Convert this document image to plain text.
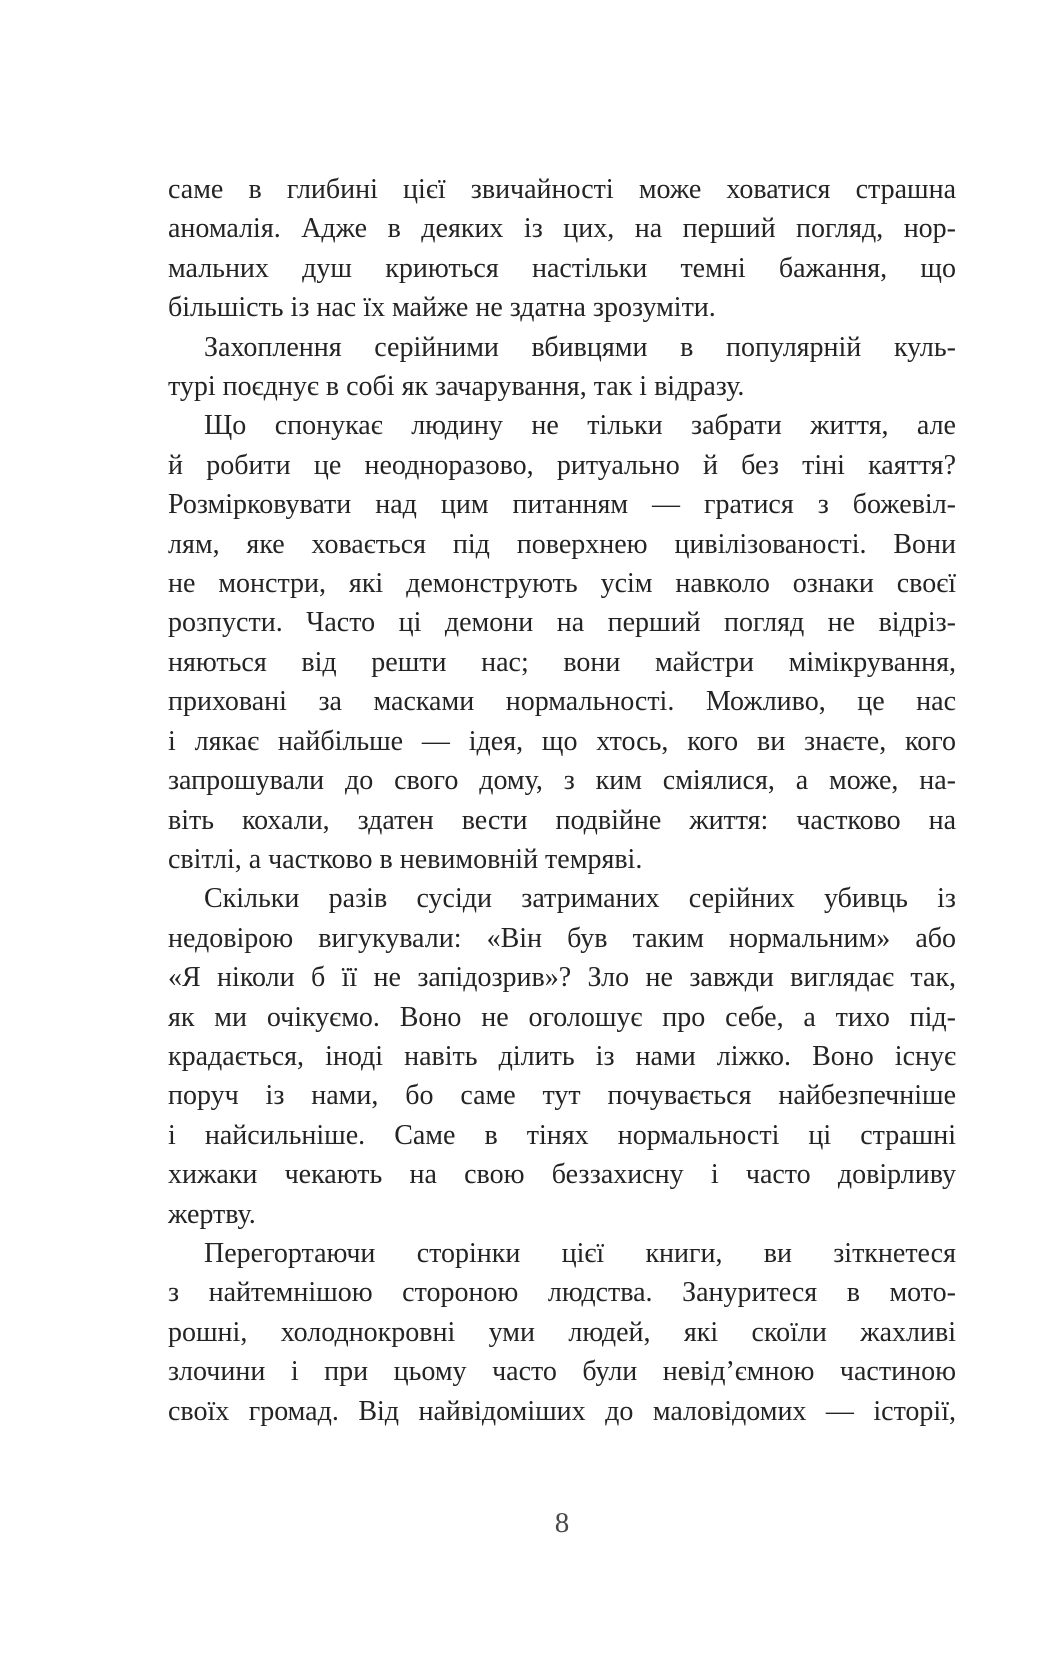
саме в глибині цієї звичайності може ховатися страшна
аномалія. Адже в деяких із цих, на перший погляд, нор-
мальних душ криються настільки темні бажання, що
більшість із нас їх майже не здатна зрозуміти.

Захоплення серійними вбивцями в популярній куль-
турі поєднує в собі як зачарування, так і відразу.

Що спонукає людину не тільки забрати життя, але
й робити це неодноразово, ритуально й без тіні каяття?
Розмірковувати над цим питанням — гратися з божевіл-
лям, яке ховається під поверхнею цивілізованості. Вони
не монстри, які демонструють усім навколо ознаки своєї
розпусти. Часто ці демони на перший погляд не відріз-
няються від решти нас; вони майстри мімікрування,
приховані за масками нормальності. Можливо, це нас
і лякає найбільше — ідея, що хтось, кого ви знаєте, кого
запрошували до свого дому, з ким сміялися, а може, на-
віть кохали, здатен вести подвійне життя: частково на
світлі, а частково в невимовній темряві.

Скільки разів сусіди затриманих серійних убивць із
недовірою вигукували: «Він був таким нормальним» або
«Я ніколи б її не запідозрив»? Зло не завжди виглядає так,
як ми очікуємо. Воно не оголошує про себе, а тихо під-
крадається, іноді навіть ділить із нами ліжко. Воно існує
поруч із нами, бо саме тут почувається найбезпечніше
і найсильніше. Саме в тінях нормальності ці страшні
хижаки чекають на свою беззахисну і часто довірливу
жертву.

Перегортаючи сторінки цієї книги, ви зіткнетеся
з найтемнішою стороною людства. Зануритеся в мото-
рошні, холоднокровні уми людей, які скоїли жахливі
злочини і при цьому часто були невід’ємною частиною
своїх громад. Від найвідоміших до маловідомих — історії,

8
